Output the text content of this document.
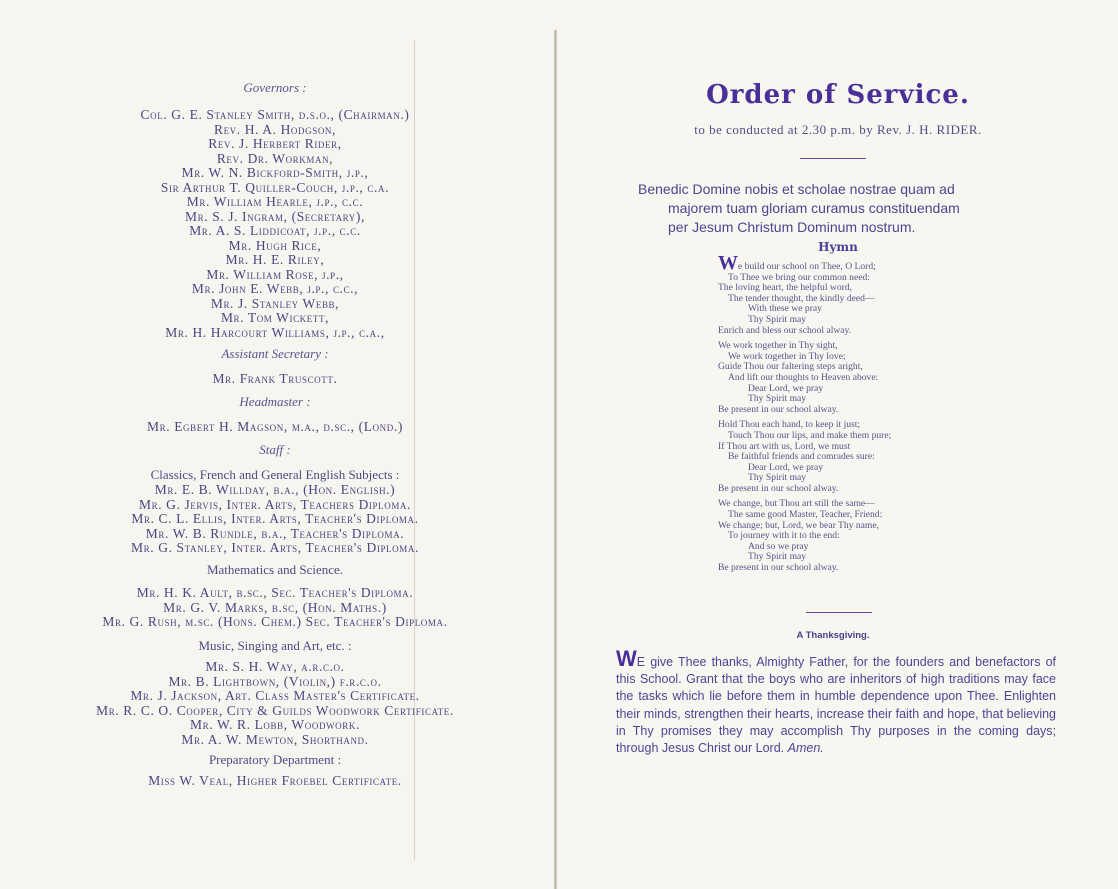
Governors :

Col. G. E. Stanley Smith, d.s.o., (Chairman.)

Rev. H. A. Hodgson,

Rev. J. Herbert Rider,

Rev. Dr. Workman,

Mr. W. N. Bickford-Smith, j.p.,

Sir Arthur T. Quiller-Couch, j.p., c.a.

Mr. William Hearle, j.p., c.c.

Mr. S. J. Ingram, (Secretary),

Mr. A. S. Liddicoat, j.p., c.c.

Mr. Hugh Rice,

Mr. H. E. Riley,

Mr. William Rose, j.p.,

Mr. John E. Webb, j.p., c.c.,

Mr. J. Stanley Webb,

Mr. Tom Wickett,

Mr. H. Harcourt Williams, j.p., c.a.,

Assistant Secretary :

Mr. Frank Truscott.

Headmaster :

Mr. Egbert H. Magson, m.a., d.sc., (Lond.)

Staff :

Classics, French and General English Subjects :

Mr. E. B. Willday, b.a., (Hon. English.)

Mr. G. Jervis, Inter. Arts, Teachers Diploma.

Mr. C. L. Ellis, Inter. Arts, Teacher's Diploma.

Mr. W. B. Rundle, b.a., Teacher's Diploma.

Mr. G. Stanley, Inter. Arts, Teacher's Diploma.

Mathematics and Science.

Mr. H. K. Ault, b.sc., Sec. Teacher's Diploma.

Mr. G. V. Marks, b.sc, (Hon. Maths.)

Mr. G. Rush, m.sc. (Hons. Chem.) Sec. Teacher's Diploma.

Music, Singing and Art, etc. :

Mr. S. H. Way, a.r.c.o.

Mr. B. Lightbown, (Violin,) f.r.c.o.

Mr. J. Jackson, Art. Class Master's Certificate.

Mr. R. C. O. Cooper, City & Guilds Woodwork Certificate.

Mr. W. R. Lobb, Woodwork.

Mr. A. W. Mewton, Shorthand.

Preparatory Department :

Miss W. Veal, Higher Froebel Certificate.

Order of Service.

to be conducted at 2.30 p.m. by Rev. J. H. RIDER.

Benedic Domine nobis et scholae nostrae quam ad

majorem tuam gloriam curamus constituendam

per Jesum Christum Dominum nostrum.

Hymn

We build our school on Thee, O Lord;

To Thee we bring our common need:

The loving heart, the helpful word,

The tender thought, the kindly deed—

With these we pray

Thy Spirit may

Enrich and bless our school alway.

We work together in Thy sight,

We work together in Thy love;

Guide Thou our faltering steps aright,

And lift our thoughts to Heaven above:

Dear Lord, we pray

Thy Spirit may

Be present in our school alway.

Hold Thou each hand, to keep it just;

Touch Thou our lips, and make them pure;

If Thou art with us, Lord, we must

Be faithful friends and comrades sure:

Dear Lord, we pray

Thy Spirit may

Be present in our school alway.

We change, but Thou art still the same—

The same good Master, Teacher, Friend:

We change; but, Lord, we bear Thy name,

To journey with it to the end:

And so we pray

Thy Spirit may

Be present in our school alway.

A Thanksgiving.

WE give Thee thanks, Almighty Father, for the founders and benefactors of this School. Grant that the boys who are inheritors of high traditions may face the tasks which lie before them in humble dependence upon Thee. Enlighten their minds, strengthen their hearts, increase their faith and hope, that believing in Thy promises they may accomplish Thy purposes in the coming days; through Jesus Christ our Lord. Amen.
